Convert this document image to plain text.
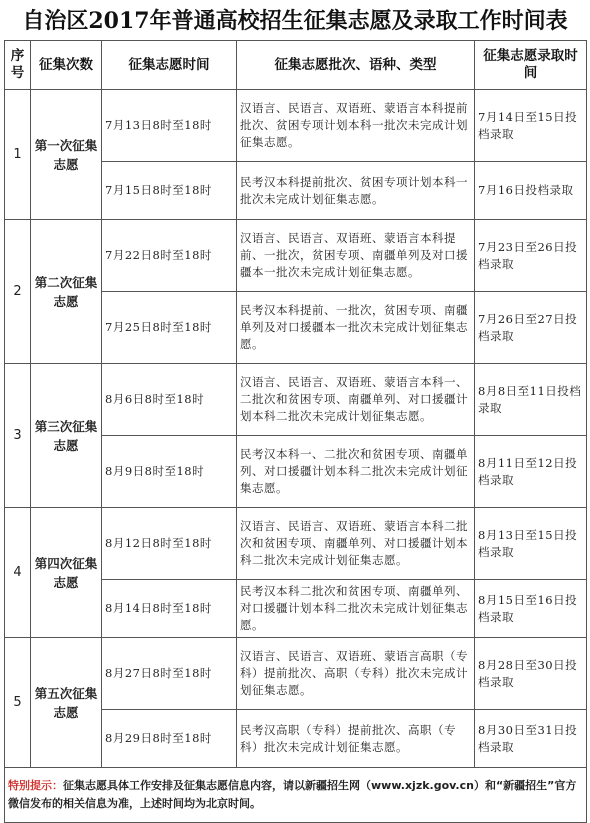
自治区2017年普通高校招生征集志愿及录取工作时间表
序号	征集次数	征集志愿时间	征集志愿批次、语种、类型	征集志愿录取时间
1	第一次征集志愿	7月13日8时至18时	汉语言、民语言、双语班、蒙语言本科提前批次、贫困专项计划本科一批次未完成计划征集志愿。	7月14日至15日投档录取
		7月15日8时至18时	民考汉本科提前批次、贫困专项计划本科一批次未完成计划征集志愿。	7月16日投档录取
2	第二次征集志愿	7月22日8时至18时	汉语言、民语言、双语班、蒙语言本科提前、一批次，贫困专项、南疆单列及对口援疆本一批次未完成计划征集志愿。	7月23日至26日投档录取
		7月25日8时至18时	民考汉本科提前、一批次，贫困专项、南疆单列及对口援疆本一批次未完成计划征集志愿。	7月26日至27日投档录取
3	第三次征集志愿	8月6日8时至18时	汉语言、民语言、双语班、蒙语言本科一、二批次和贫困专项、南疆单列、对口援疆计划本科二批次未完成计划征集志愿。	8月8日至11日投档录取
		8月9日8时至18时	民考汉本科一、二批次和贫困专项、南疆单列、对口援疆计划本科二批次未完成计划征集志愿。	8月11日至12日投档录取
4	第四次征集志愿	8月12日8时至18时	汉语言、民语言、双语班、蒙语言本科二批次和贫困专项、南疆单列、对口援疆计划本科二批次未完成计划征集志愿。	8月13日至15日投档录取
		8月14日8时至18时	民考汉本科二批次和贫困专项、南疆单列、对口援疆计划本科二批次未完成计划征集志愿。	8月15日至16日投档录取
5	第五次征集志愿	8月27日8时至18时	汉语言、民语言、双语班、蒙语言高职（专科）提前批次、高职（专科）批次未完成计划征集志愿。	8月28日至30日投档录取
		8月29日8时至18时	民考汉高职（专科）提前批次、高职（专科）批次未完成计划征集志愿。	8月30日至31日投档录取
特别提示：征集志愿具体工作安排及征集志愿信息内容，请以新疆招生网（www.xjzk.gov.cn）和“新疆招生”官方微信发布的相关信息为准，上述时间均为北京时间。				
